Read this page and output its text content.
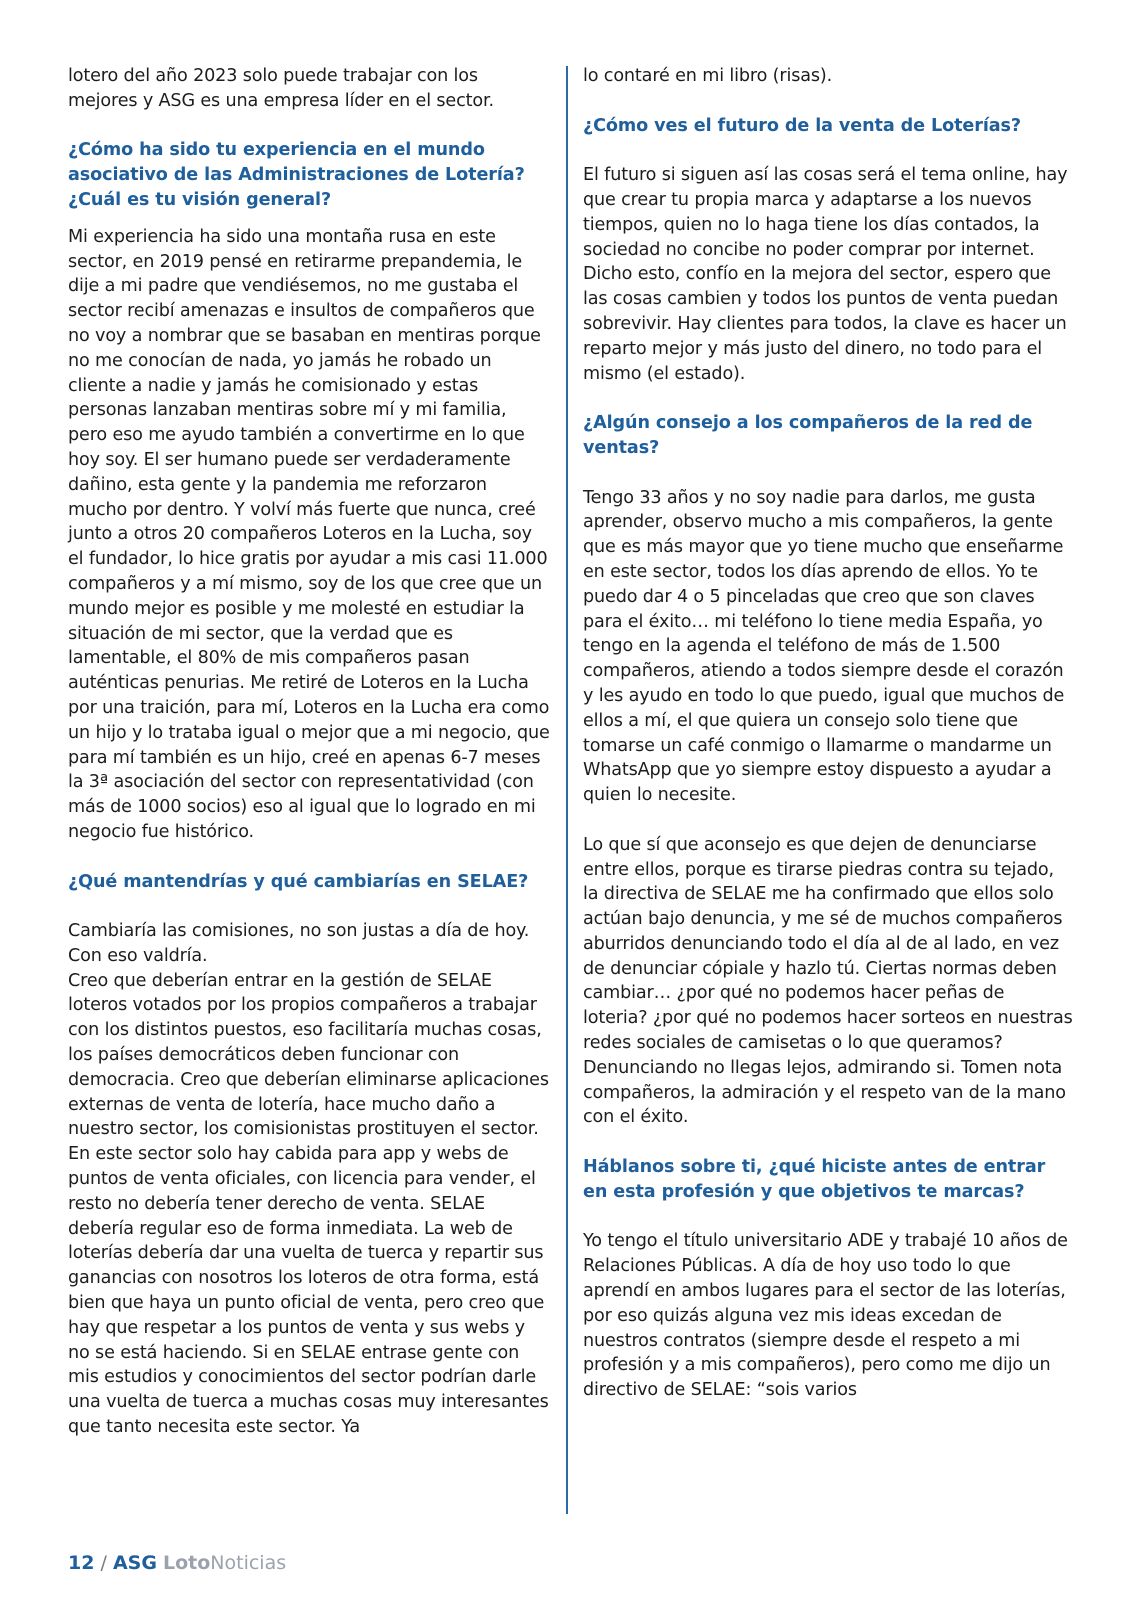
lotero del año 2023 solo puede trabajar con los mejores y ASG es una empresa líder en el sector.

¿Cómo ha sido tu experiencia en el mundo asociativo de las Administraciones de Lotería? ¿Cuál es tu visión general?

Mi experiencia ha sido una montaña rusa en este sector, en 2019 pensé en retirarme prepandemia, le dije a mi padre que vendiésemos, no me gustaba el sector recibí amenazas e insultos de compañeros que no voy a nombrar que se basaban en mentiras porque no me conocían de nada, yo jamás he robado un cliente a nadie y jamás he comisionado y estas personas lanzaban mentiras sobre mí y mi familia, pero eso me ayudo también a convertirme en lo que hoy soy. El ser humano puede ser verdaderamente dañino, esta gente y la pandemia me reforzaron mucho por dentro. Y volví más fuerte que nunca, creé junto a otros 20 compañeros Loteros en la Lucha, soy el fundador, lo hice gratis por ayudar a mis casi 11.000 compañeros y a mí mismo, soy de los que cree que un mundo mejor es posible y me molesté en estudiar la situación de mi sector, que la verdad que es lamentable, el 80% de mis compañeros pasan auténticas penurias. Me retiré de Loteros en la Lucha por una traición, para mí, Loteros en la Lucha era como un hijo y lo trataba igual o mejor que a mi negocio, que para mí también es un hijo, creé en apenas 6-7 meses la 3ª asociación del sector con representatividad (con más de 1000 socios) eso al igual que lo logrado en mi negocio fue histórico.

¿Qué mantendrías y qué cambiarías en SELAE?

Cambiaría las comisiones, no son justas a día de hoy. Con eso valdría.

Creo que deberían entrar en la gestión de SELAE loteros votados por los propios compañeros a trabajar con los distintos puestos, eso facilitaría muchas cosas, los países democráticos deben funcionar con democracia. Creo que deberían eliminarse aplicaciones externas de venta de lotería, hace mucho daño a nuestro sector, los comisionistas prostituyen el sector. En este sector solo hay cabida para app y webs de puntos de venta oficiales, con licencia para vender, el resto no debería tener derecho de venta. SELAE debería regular eso de forma inmediata. La web de loterías debería dar una vuelta de tuerca y repartir sus ganancias con nosotros los loteros de otra forma, está bien que haya un punto oficial de venta, pero creo que hay que respetar a los puntos de venta y sus webs y no se está haciendo. Si en SELAE entrase gente con mis estudios y conocimientos del sector podrían darle una vuelta de tuerca a muchas cosas muy interesantes que tanto necesita este sector. Ya

lo contaré en mi libro (risas).

¿Cómo ves el futuro de la venta de Loterías?

El futuro si siguen así las cosas será el tema online, hay que crear tu propia marca y adaptarse a los nuevos tiempos, quien no lo haga tiene los días contados, la sociedad no concibe no poder comprar por internet. Dicho esto, confío en la mejora del sector, espero que las cosas cambien y todos los puntos de venta puedan sobrevivir. Hay clientes para todos, la clave es hacer un reparto mejor y más justo del dinero, no todo para el mismo (el estado).

¿Algún consejo a los compañeros de la red de ventas?

Tengo 33 años y no soy nadie para darlos, me gusta aprender, observo mucho a mis compañeros, la gente que es más mayor que yo tiene mucho que enseñarme en este sector, todos los días aprendo de ellos. Yo te puedo dar 4 o 5 pinceladas que creo que son claves para el éxito… mi teléfono lo tiene media España, yo tengo en la agenda el teléfono de más de 1.500 compañeros, atiendo a todos siempre desde el corazón y les ayudo en todo lo que puedo, igual que muchos de ellos a mí, el que quiera un consejo solo tiene que tomarse un café conmigo o llamarme o mandarme un WhatsApp que yo siempre estoy dispuesto a ayudar a quien lo necesite.

Lo que sí que aconsejo es que dejen de denunciarse entre ellos, porque es tirarse piedras contra su tejado, la directiva de SELAE me ha confirmado que ellos solo actúan bajo denuncia, y me sé de muchos compañeros aburridos denunciando todo el día al de al lado, en vez de denunciar cópiale y hazlo tú. Ciertas normas deben cambiar… ¿por qué no podemos hacer peñas de loteria? ¿por qué no podemos hacer sorteos en nuestras redes sociales de camisetas o lo que queramos? Denunciando no llegas lejos, admirando si. Tomen nota compañeros, la admiración y el respeto van de la mano con el éxito.

Háblanos sobre ti, ¿qué hiciste antes de entrar en esta profesión y que objetivos te marcas?

Yo tengo el título universitario ADE y trabajé 10 años de Relaciones Públicas. A día de hoy uso todo lo que aprendí en ambos lugares para el sector de las loterías, por eso quizás alguna vez mis ideas excedan de nuestros contratos (siempre desde el respeto a mi profesión y a mis compañeros), pero como me dijo un directivo de SELAE: “sois varios

12 / ASG LotoNoticias
